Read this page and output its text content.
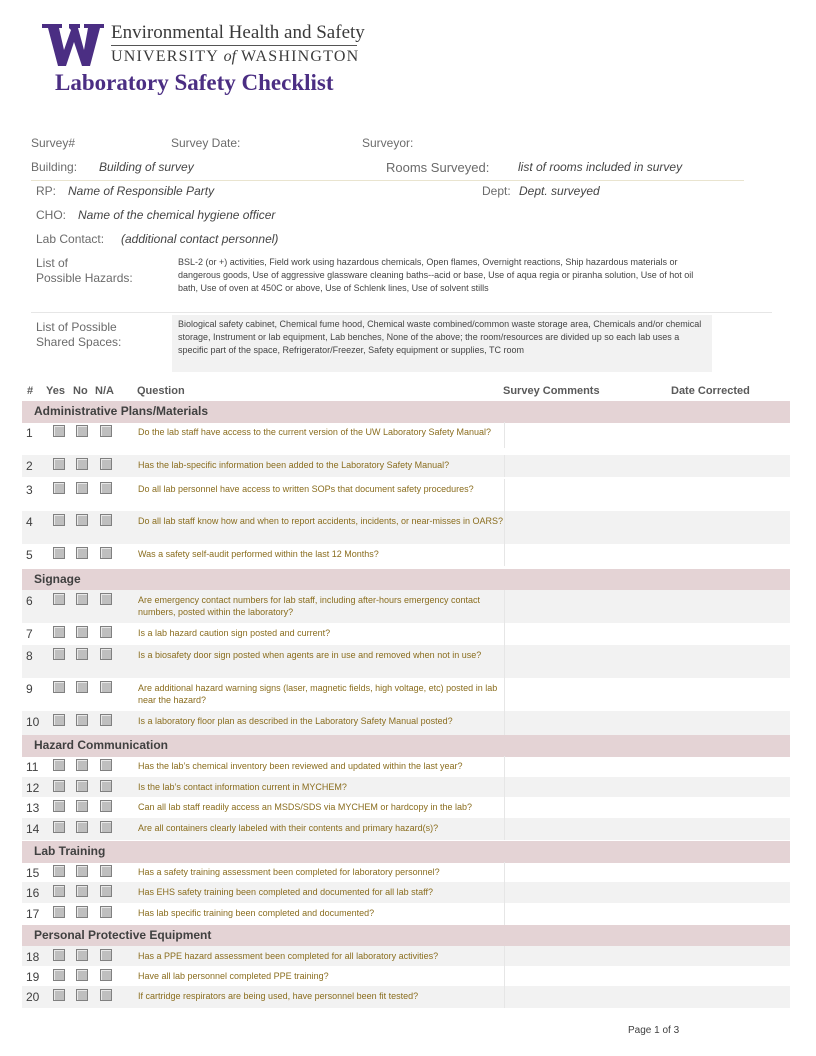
Environmental Health and Safety
UNIVERSITY of WASHINGTON
Laboratory Safety Checklist
Survey#	Survey Date:	Surveyor:
Building: Building of survey	Rooms Surveyed: list of rooms included in survey
RP: Name of Responsible Party	Dept: Dept. surveyed
CHO: Name of the chemical hygiene officer
Lab Contact: (additional contact personnel)
List of
Possible Hazards:
BSL-2 (or +) activities, Field work using hazardous chemicals, Open flames, Overnight reactions, Ship hazardous materials or dangerous goods, Use of aggressive glassware cleaning baths--acid or base, Use of aqua regia or piranha solution, Use of hot oil bath, Use of oven at 450C or above, Use of Schlenk lines, Use of solvent stills
List of Possible
Shared Spaces:
Biological safety cabinet, Chemical fume hood, Chemical waste combined/common waste storage area, Chemicals and/or chemical storage, Instrument or lab equipment, Lab benches, None of the above; the room/resources are divided up so each lab uses a specific part of the space, Refrigerator/Freezer, Safety equipment or supplies, TC room
# Yes No N/A Question	Survey Comments	Date Corrected
Administrative Plans/Materials
1	Do the lab staff have access to the current version of the UW Laboratory Safety Manual?
2	Has the lab-specific information been added to the Laboratory Safety Manual?
3	Do all lab personnel have access to written SOPs that document safety procedures?
4	Do all lab staff know how and when to report accidents, incidents, or near-misses in OARS?
5	Was a safety self-audit performed within the last 12 Months?
Signage
6	Are emergency contact numbers for lab staff, including after-hours emergency contact numbers, posted within the laboratory?
7	Is a lab hazard caution sign posted and current?
8	Is a biosafety door sign posted when agents are in use and removed when not in use?
9	Are additional hazard warning signs (laser, magnetic fields, high voltage, etc) posted in lab near the hazard?
10	Is a laboratory floor plan as described in the Laboratory Safety Manual posted?
Hazard Communication
11	Has the lab’s chemical inventory been reviewed and updated within the last year?
12	Is the lab’s contact information current in MYCHEM?
13	Can all lab staff readily access an MSDS/SDS via MYCHEM or hardcopy in the lab?
14	Are all containers clearly labeled with their contents and primary hazard(s)?
Lab Training
15	Has a safety training assessment been completed for laboratory personnel?
16	Has EHS safety training been completed and documented for all lab staff?
17	Has lab specific training been completed and documented?
Personal Protective Equipment
18	Has a PPE hazard assessment been completed for all laboratory activities?
19	Have all lab personnel completed PPE training?
20	If cartridge respirators are being used, have personnel been fit tested?
Page 1 of 3
